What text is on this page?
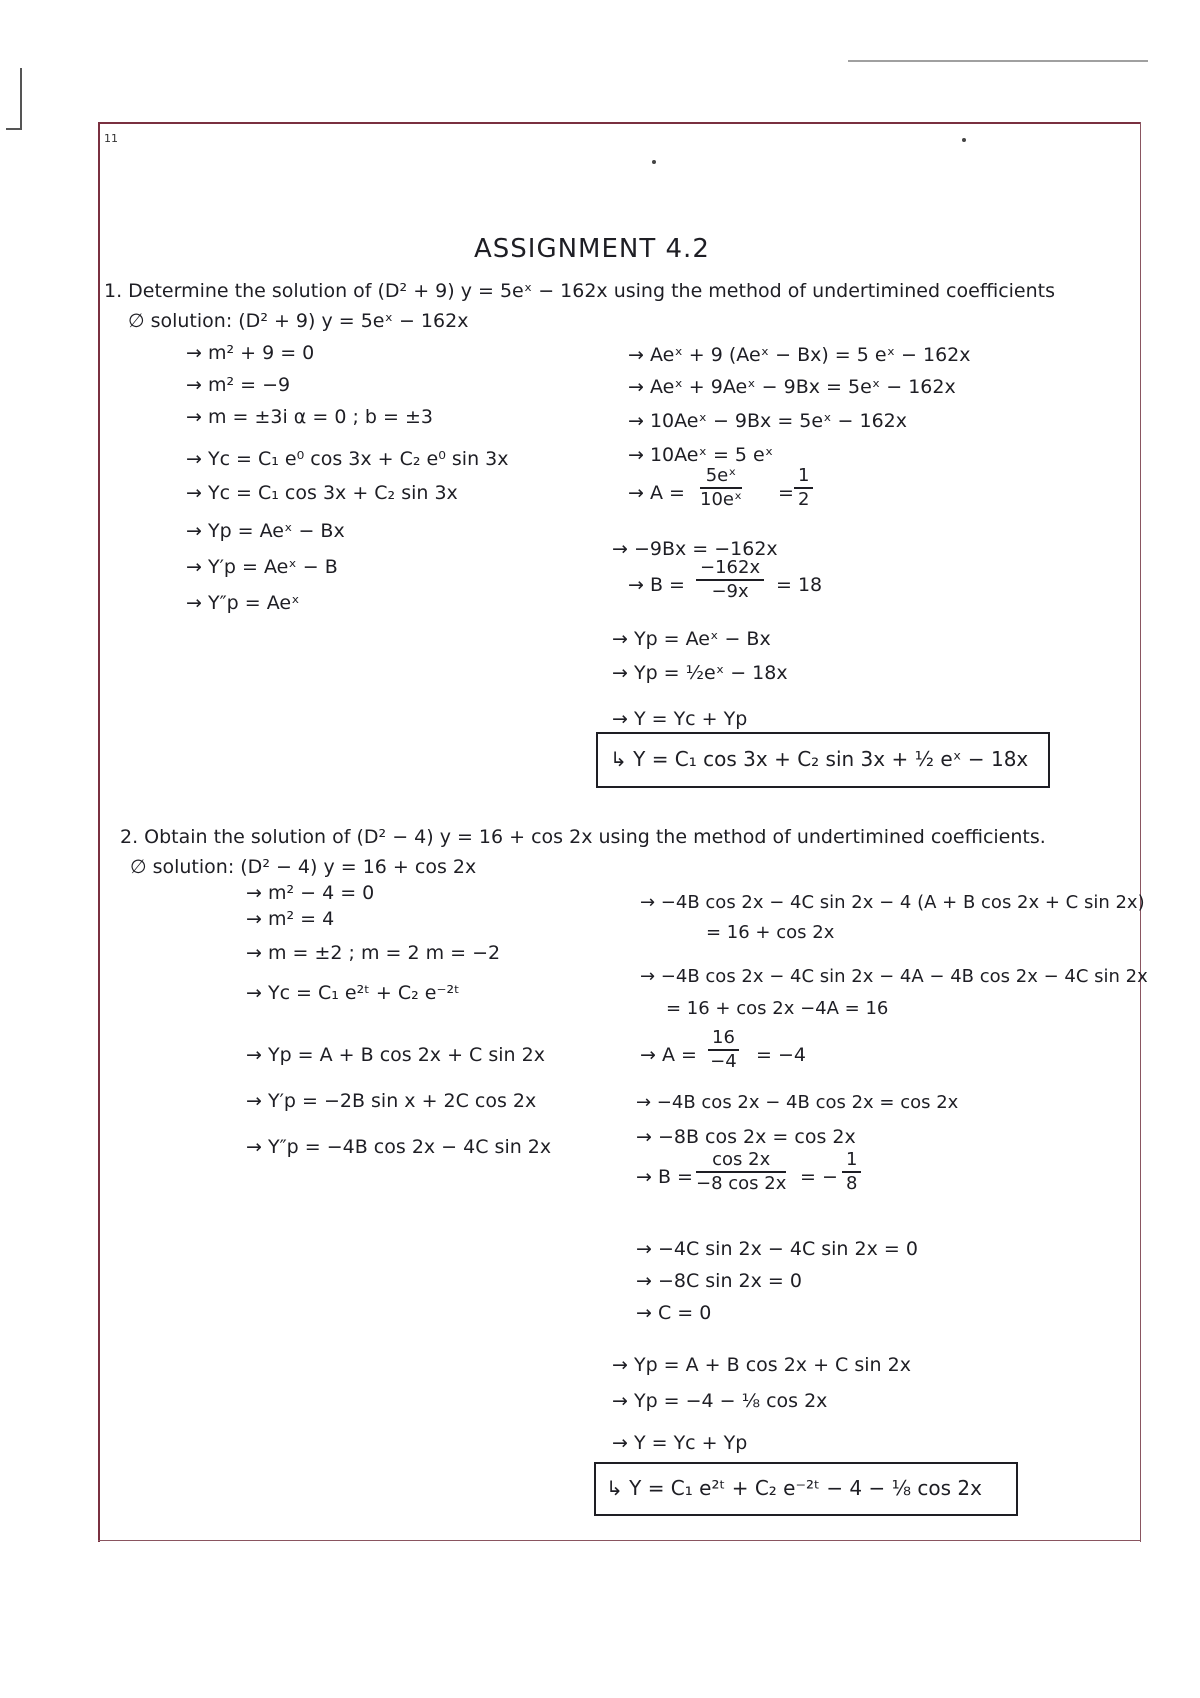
11
ASSIGNMENT 4.2
1. Determine the solution of (D² + 9) y = 5eˣ − 162x using the method of undertimined coefficients
∅ solution: (D² + 9) y = 5eˣ − 162x
→ m² + 9 = 0
→ m² = −9
→ m = ±3i α = 0 ; b = ±3
→ Yc = C₁ e⁰ cos 3x + C₂ e⁰ sin 3x
→ Yc = C₁ cos 3x + C₂ sin 3x
→ Yp = Aeˣ − Bx
→ Y′p = Aeˣ − B
→ Y″p = Aeˣ
→ Aeˣ + 9 (Aeˣ − Bx) = 5 eˣ − 162x
→ Aeˣ + 9Aeˣ − 9Bx = 5eˣ − 162x
→ 10Aeˣ − 9Bx = 5eˣ − 162x
→ 10Aeˣ = 5 eˣ
→ $A = \frac{\text{5eˣ}}{\text{10eˣ}} = \frac{1}{2}$
→ −9Bx = −162x
→ $B = \frac{-162x}{-9x} = 18$
→ Yp = Aeˣ − Bx
→ Yp = ½eˣ − 18x
→ Y = Yc + Yp
↳ Y = C₁ cos 3x + C₂ sin 3x + ½ eˣ − 18x
2. Obtain the solution of (D² − 4) y = 16 + cos 2x using the method of undertimined coefficients.
∅ solution: (D² − 4) y = 16 + cos 2x
→ m² − 4 = 0
→ m² = 4
→ m = ±2 ; m = 2 m = −2
→ Yc = C₁ e²ᵗ + C₂ e⁻²ᵗ
→ Yp = A + B cos 2x + C sin 2x
→ Y′p = −2B sin x + 2C cos 2x
→ Y″p = −4B cos 2x − 4C sin 2x
→ −4B cos 2x − 4C sin 2x − 4 (A + B cos 2x + C sin 2x)
= 16 + cos 2x
→ −4B cos 2x − 4C sin 2x − 4A − 4B cos 2x − 4C sin 2x
= 16 + cos 2x −4A = 16
→ $A = \frac{16}{-4} = -4$
→ −4B cos 2x − 4B cos 2x = cos 2x
→ −8B cos 2x = cos 2x
→ $B = \frac{\cos 2x}{-8 \cos 2x}$ = − $\frac{1}{8}$
→ −4C sin 2x − 4C sin 2x = 0
→ −8C sin 2x = 0
→ C = 0
→ Yp = A + B cos 2x + C sin 2x
→ Yp = −4 − ⅛ cos 2x
→ Y = Yc + Yp
↳ Y = C₁ e²ᵗ + C₂ e⁻²ᵗ − 4 − ⅛ cos 2x
